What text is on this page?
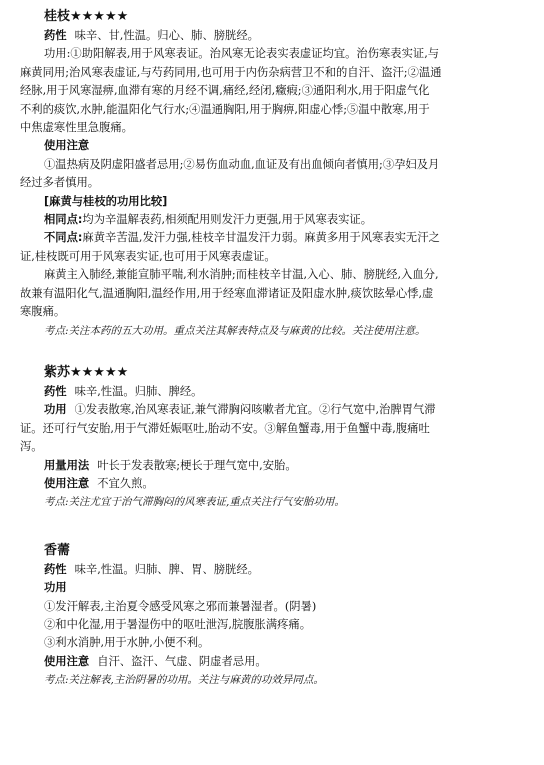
桂枝★★★★★
药性 味辛、甘,性温。归心、肺、膀胱经。
功用:①助阳解表,用于风寒表证。治风寒无论表实表虚证均宜。治伤寒表实证,与
麻黄同用;治风寒表虚证,与芍药同用,也可用于内伤杂病营卫不和的自汗、盗汗;②温通
经脉,用于风寒湿痹,血滞有寒的月经不调,痛经,经闭,癥瘕;③通阳利水,用于阳虚气化
不利的痰饮,水肿,能温阳化气行水;④温通胸阳,用于胸痹,阳虚心悸;⑤温中散寒,用于
中焦虚寒性里急腹痛。
使用注意
①温热病及阴虚阳盛者忌用;②易伤血动血,血证及有出血倾向者慎用;③孕妇及月
经过多者慎用。
[麻黄与桂枝的功用比较]
相同点:均为辛温解表药,相须配用则发汗力更强,用于风寒表实证。
不同点:麻黄辛苦温,发汗力强,桂枝辛甘温发汗力弱。麻黄多用于风寒表实无汗之
证,桂枝既可用于风寒表实证,也可用于风寒表虚证。
麻黄主入肺经,兼能宣肺平喘,利水消肿;而桂枝辛甘温,入心、肺、膀胱经,入血分,
故兼有温阳化气,温通胸阳,温经作用,用于经寒血滞诸证及阳虚水肿,痰饮眩晕心悸,虚
寒腹痛。
考点:关注本药的五大功用。重点关注其解表特点及与麻黄的比较。关注使用注意。
紫苏★★★★★
药性 味辛,性温。归肺、脾经。
功用 ①发表散寒,治风寒表证,兼气滞胸闷咳嗽者尤宜。②行气宽中,治脾胃气滞
证。还可行气安胎,用于气滞妊娠呕吐,胎动不安。③解鱼蟹毒,用于鱼蟹中毒,腹痛吐
泻。
用量用法 叶长于发表散寒;梗长于理气宽中,安胎。
使用注意 不宜久煎。
考点:关注尤宜于治气滞胸闷的风寒表证,重点关注行气安胎功用。
香薷
药性 味辛,性温。归肺、脾、胃、膀胱经。
功用
①发汗解表,主治夏令感受风寒之邪而兼暑湿者。(阴暑)
②和中化湿,用于暑湿伤中的呕吐泄泻,脘腹胀满疼痛。
③利水消肿,用于水肿,小便不利。
使用注意 自汗、盗汗、气虚、阴虚者忌用。
考点:关注解表,主治阴暑的功用。关注与麻黄的功效异同点。
